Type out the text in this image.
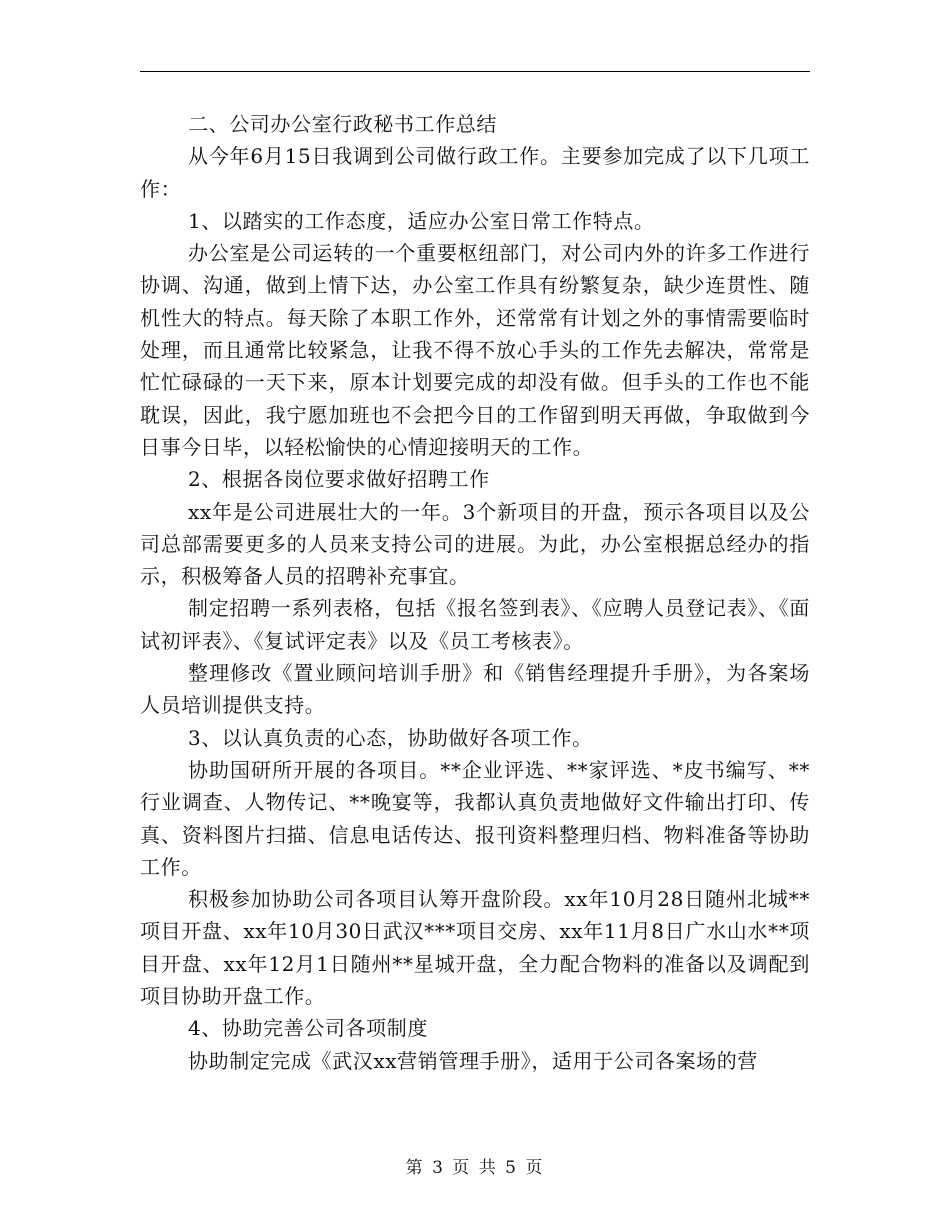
二、公司办公室行政秘书工作总结

从今年6月15日我调到公司做行政工作。主要参加完成了以下几项工作：

1、以踏实的工作态度，适应办公室日常工作特点。

办公室是公司运转的一个重要枢纽部门，对公司内外的许多工作进行协调、沟通，做到上情下达，办公室工作具有纷繁复杂，缺少连贯性、随机性大的特点。每天除了本职工作外，还常常有计划之外的事情需要临时处理，而且通常比较紧急，让我不得不放心手头的工作先去解决，常常是忙忙碌碌的一天下来，原本计划要完成的却没有做。但手头的工作也不能耽误，因此，我宁愿加班也不会把今日的工作留到明天再做，争取做到今日事今日毕，以轻松愉快的心情迎接明天的工作。

2、根据各岗位要求做好招聘工作

xx年是公司进展壮大的一年。3个新项目的开盘，预示各项目以及公司总部需要更多的人员来支持公司的进展。为此，办公室根据总经办的指示，积极筹备人员的招聘补充事宜。

制定招聘一系列表格，包括《报名签到表》、《应聘人员登记表》、《面试初评表》、《复试评定表》以及《员工考核表》。

整理修改《置业顾问培训手册》和《销售经理提升手册》，为各案场人员培训提供支持。

3、以认真负责的心态，协助做好各项工作。

协助国研所开展的各项目。**企业评选、**家评选、*皮书编写、**行业调查、人物传记、**晚宴等，我都认真负责地做好文件输出打印、传真、资料图片扫描、信息电话传达、报刊资料整理归档、物料准备等协助工作。

积极参加协助公司各项目认筹开盘阶段。xx年10月28日随州北城**项目开盘、xx年10月30日武汉***项目交房、xx年11月8日广水山水**项目开盘、xx年12月1日随州**星城开盘，全力配合物料的准备以及调配到项目协助开盘工作。

4、协助完善公司各项制度

协助制定完成《武汉xx营销管理手册》，适用于公司各案场的营

第 3 页 共 5 页
